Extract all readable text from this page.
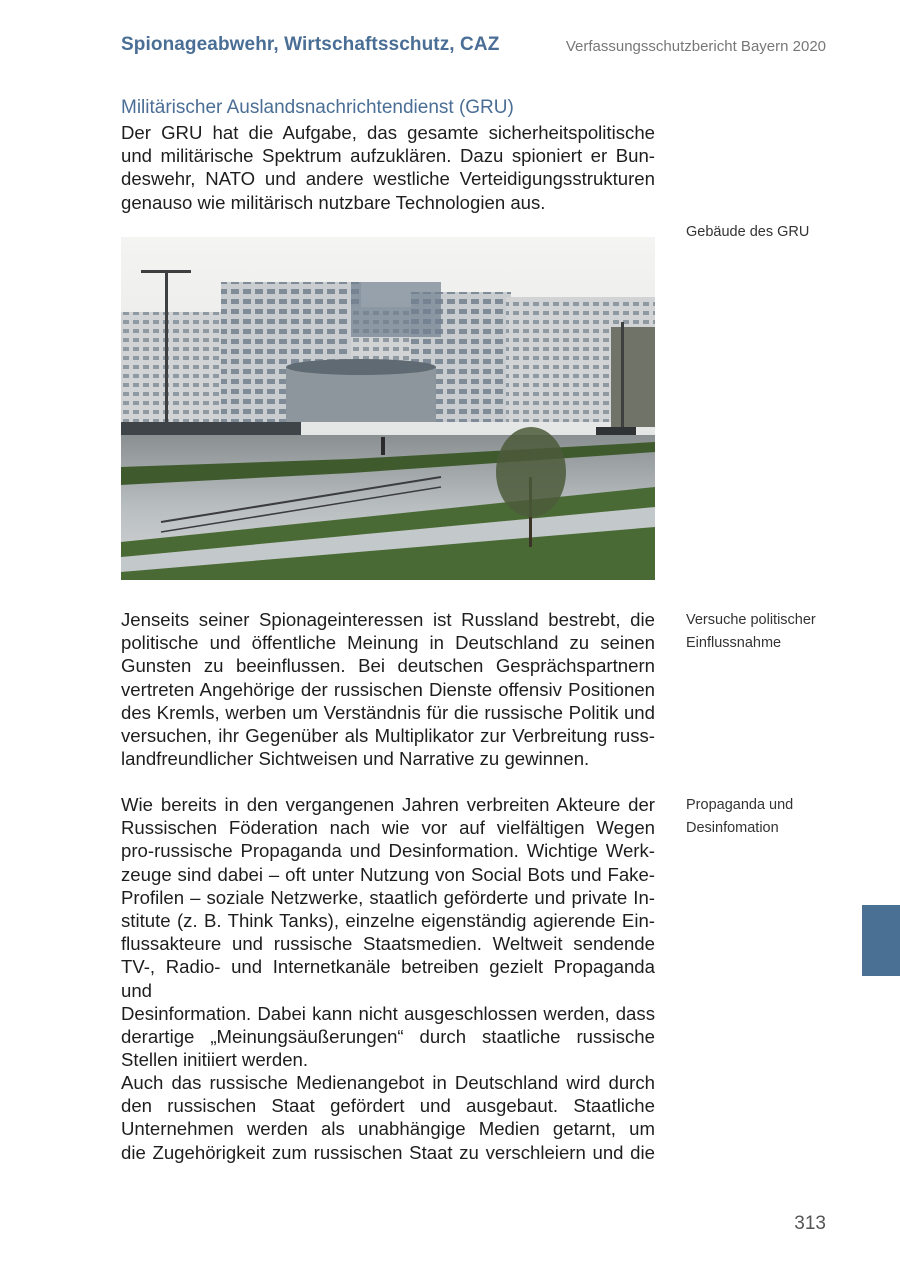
Spionageabwehr, Wirtschaftsschutz, CAZ	Verfassungsschutzbericht Bayern 2020
Militärischer Auslandsnachrichtendienst (GRU)
Der GRU hat die Aufgabe, das gesamte sicherheitspolitische
und militärische Spektrum aufzuklären. Dazu spioniert er Bun-
deswehr, NATO und andere westliche Verteidigungsstrukturen
genauso wie militärisch nutzbare Technologien aus.
Gebäude des GRU
Versuche politischer
Einflussnahme
Jenseits seiner Spionageinteressen ist Russland bestrebt, die
politische und öffentliche Meinung in Deutschland zu seinen
Gunsten zu beeinflussen. Bei deutschen Gesprächspartnern
vertreten Angehörige der russischen Dienste offensiv Positionen
des Kremls, werben um Verständnis für die russische Politik und
versuchen, ihr Gegenüber als Multiplikator zur Verbreitung russ-
landfreundlicher Sichtweisen und Narrative zu gewinnen.
Propaganda und
Desinfomation
Wie bereits in den vergangenen Jahren verbreiten Akteure der
Russischen Föderation nach wie vor auf vielfältigen Wegen
pro-russische Propaganda und Desinformation. Wichtige Werk-
zeuge sind dabei – oft unter Nutzung von Social Bots und Fake-
Profilen – soziale Netzwerke, staatlich geförderte und private In-
stitute (z. B. Think Tanks), einzelne eigenständig agierende Ein-
flussakteure und russische Staatsmedien. Weltweit sendende
TV-, Radio- und Internetkanäle betreiben gezielt Propaganda und
Desinformation. Dabei kann nicht ausgeschlossen werden, dass
derartige „Meinungsäußerungen“ durch staatliche russische
Stellen initiiert werden.
Auch das russische Medienangebot in Deutschland wird durch
den russischen Staat gefördert und ausgebaut. Staatliche
Unternehmen werden als unabhängige Medien getarnt, um
die Zugehörigkeit zum russischen Staat zu verschleiern und die
313
